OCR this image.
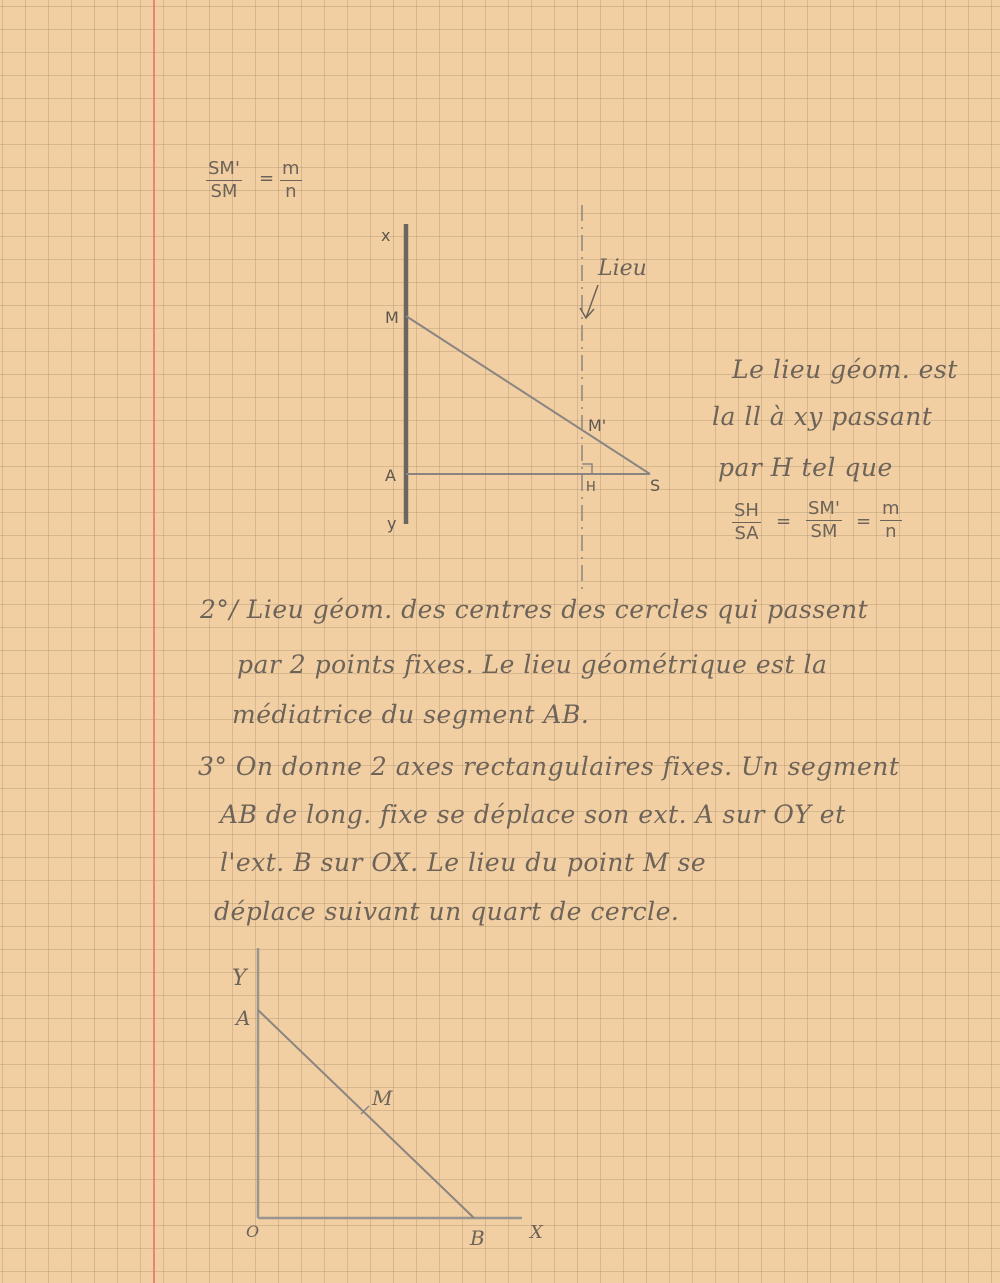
$\frac{SM'}{SM} = \frac{m}{n}$
x
M
A
y
M'
H	S
Lieu
Le lieu géom. est
la ll à xy passant
par H tel que
$\frac{SH}{SA} = \frac{SM'}{SM} = \frac{m}{n}$
2°/ Lieu géom. des centres des cercles qui passent
par 2 points fixes. Le lieu géométrique est la
médiatrice du segment AB.
3° On donne 2 axes rectangulaires fixes. Un segment
AB de long. fixe se déplace son ext. A sur OY et
l'ext. B sur OX. Le lieu du point M se
déplace suivant un quart de cercle.
Y
A
M
O	B	X
